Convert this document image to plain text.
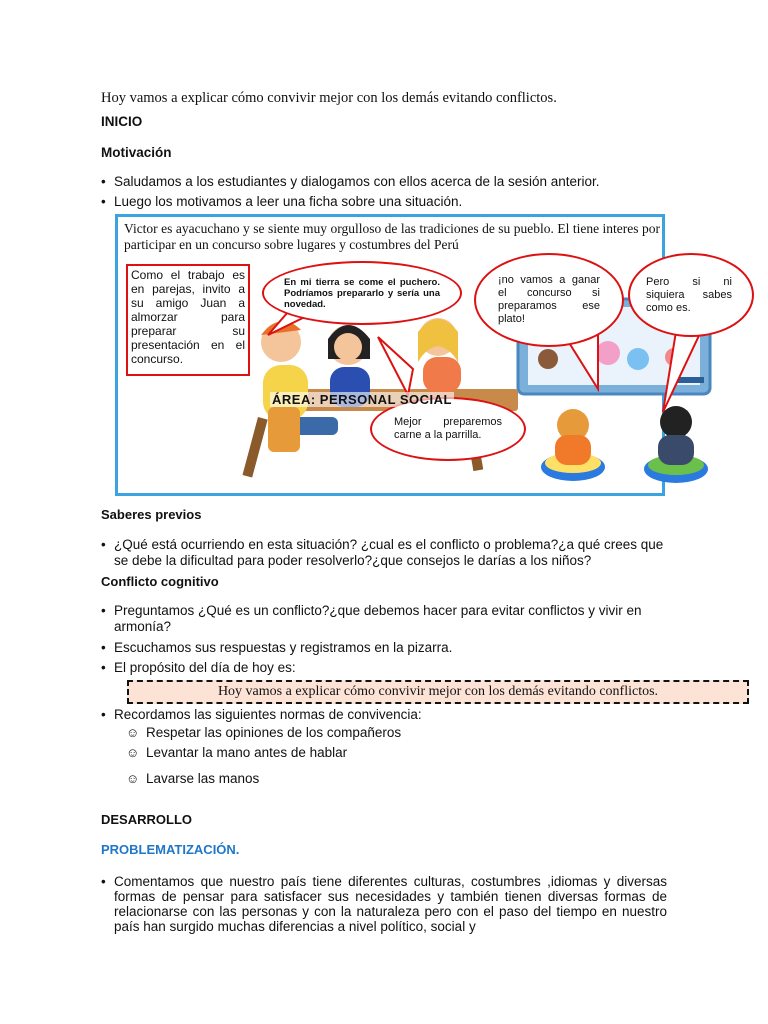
Hoy vamos a explicar cómo convivir mejor con los demás evitando conflictos.
INICIO
Motivación
• Saludamos a los estudiantes y dialogamos con ellos acerca de la sesión anterior.
• Luego los motivamos a leer una ficha sobre una situación.
Victor es ayacuchano y se siente muy orgulloso de las tradiciones de su pueblo. El tiene interes por participar en un concurso sobre lugares y costumbres del Perú
Como el trabajo es en parejas, invito a su amigo Juan a almorzar para preparar su presentación en el concurso.
En mi tierra se come el puchero. Podríamos prepararlo y sería una novedad.
¡no vamos a ganar el concurso si preparamos ese plato!
Pero si ni siquiera sabes como es.
Mejor preparemos carne a la parrilla.
ÁREA: PERSONAL SOCIAL
Saberes previos
• ¿Qué está ocurriendo en esta situación? ¿cual es el conflicto o problema?¿a qué crees que se debe la dificultad para poder resolverlo?¿que consejos le darías a los niños?
Conflicto cognitivo
• Preguntamos ¿Qué es un conflicto?¿que debemos hacer para evitar conflictos y vivir en armonía?
• Escuchamos sus respuestas y registramos en la pizarra.
• El propósito del día de hoy es:
Hoy vamos a explicar cómo convivir mejor con los demás evitando conflictos.
• Recordamos las siguientes normas de convivencia:
☺ Respetar las opiniones de los compañeros
☺ Levantar la mano antes de hablar
☺ Lavarse las manos
DESARROLLO
PROBLEMATIZACIÓN.
• Comentamos que nuestro país tiene diferentes culturas, costumbres ,idiomas y diversas formas de pensar para satisfacer sus necesidades y también tienen diversas formas de relacionarse con las personas y con la naturaleza pero con el paso del tiempo en nuestro país han surgido muchas diferencias a nivel político, social y
